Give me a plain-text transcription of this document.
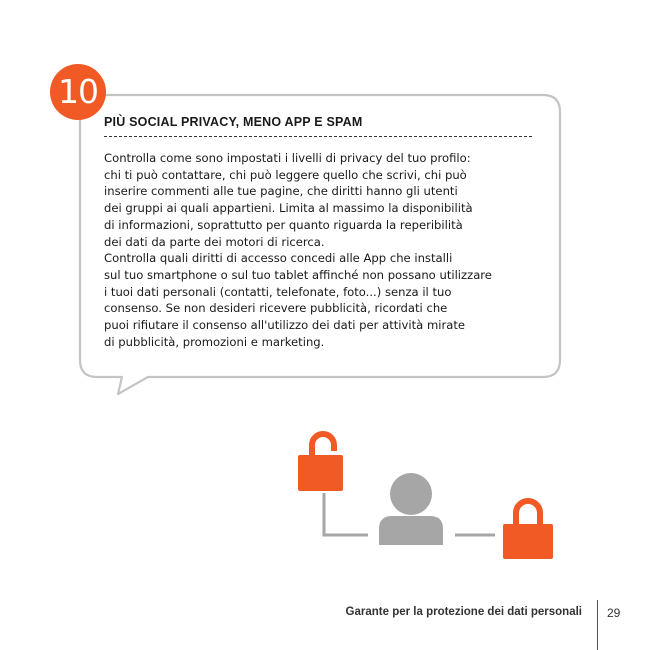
10
PIÙ SOCIAL PRIVACY, MENO APP E SPAM
Controlla come sono impostati i livelli di privacy del tuo profilo:
chi ti può contattare, chi può leggere quello che scrivi, chi può
inserire commenti alle tue pagine, che diritti hanno gli utenti
dei gruppi ai quali appartieni. Limita al massimo la disponibilità
di informazioni, soprattutto per quanto riguarda la reperibilità
dei dati da parte dei motori di ricerca.
Controlla quali diritti di accesso concedi alle App che installi
sul tuo smartphone o sul tuo tablet affinché non possano utilizzare
i tuoi dati personali (contatti, telefonate, foto...) senza il tuo
consenso. Se non desideri ricevere pubblicità, ricordati che
puoi rifiutare il consenso all'utilizzo dei dati per attività mirate
di pubblicità, promozioni e marketing.
Garante per la protezione dei dati personali 29
